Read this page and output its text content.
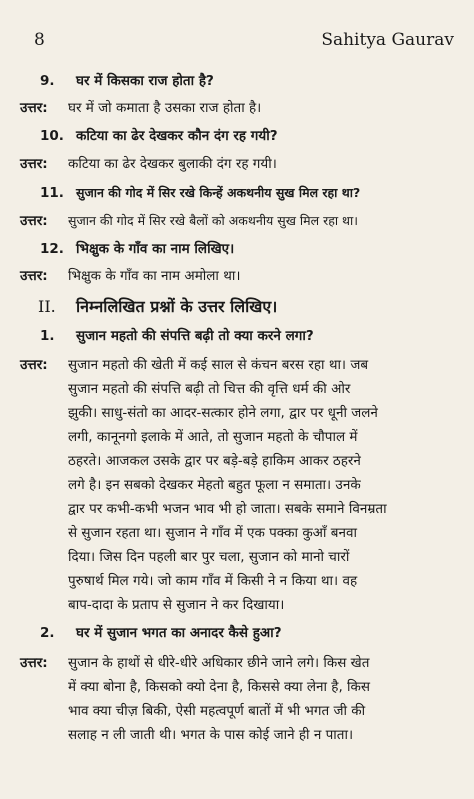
8	Sahitya Gaurav
9. घर में किसका राज होता है?
उत्तर: घर में जो कमाता है उसका राज होता है।
10. कटिया का ढेर देखकर कौन दंग रह गयी?
उत्तर: कटिया का ढेर देखकर बुलाकी दंग रह गयी।
11. सुजान की गोद में सिर रखे किन्हें अकथनीय सुख मिल रहा था?
उत्तर: सुजान की गोद में सिर रखे बैलों को अकथनीय सुख मिल रहा था।
12. भिक्षुक के गाँव का नाम लिखिए।
उत्तर: भिक्षुक के गाँव का नाम अमोला था।
II. निम्नलिखित प्रश्नों के उत्तर लिखिए।
1. सुजान महतो की संपत्ति बढ़ी तो क्या करने लगा?
उत्तर: सुजान महतो की खेती में कई साल से कंचन बरस रहा था। जब
सुजान महतो की संपत्ति बढ़ी तो चित्त की वृत्ति धर्म की ओर
झुकी। साधु-संतो का आदर-सत्कार होने लगा, द्वार पर धूनी जलने
लगी, कानूनगो इलाके में आते, तो सुजान महतो के चौपाल में
ठहरते। आजकल उसके द्वार पर बड़े-बड़े हाकिम आकर ठहरने
लगे है। इन सबको देखकर मेहतो बहुत फूला न समाता। उनके
द्वार पर कभी-कभी भजन भाव भी हो जाता। सबके समाने विनम्रता
से सुजान रहता था। सुजान ने गाँव में एक पक्का कुआँ बनवा
दिया। जिस दिन पहली बार पुर चला, सुजान को मानो चारों
पुरुषार्थ मिल गये। जो काम गाँव में किसी ने न किया था। वह
बाप-दादा के प्रताप से सुजान ने कर दिखाया।
2. घर में सुजान भगत का अनादर कैसे हुआ?
उत्तर: सुजान के हाथों से धीरे-धीरे अधिकार छीने जाने लगे। किस खेत
में क्या बोना है, किसको क्यो देना है, किससे क्या लेना है, किस
भाव क्या चीज़ बिकी, ऐसी महत्वपूर्ण बातों में भी भगत जी की
सलाह न ली जाती थी। भगत के पास कोई जाने ही न पाता।
